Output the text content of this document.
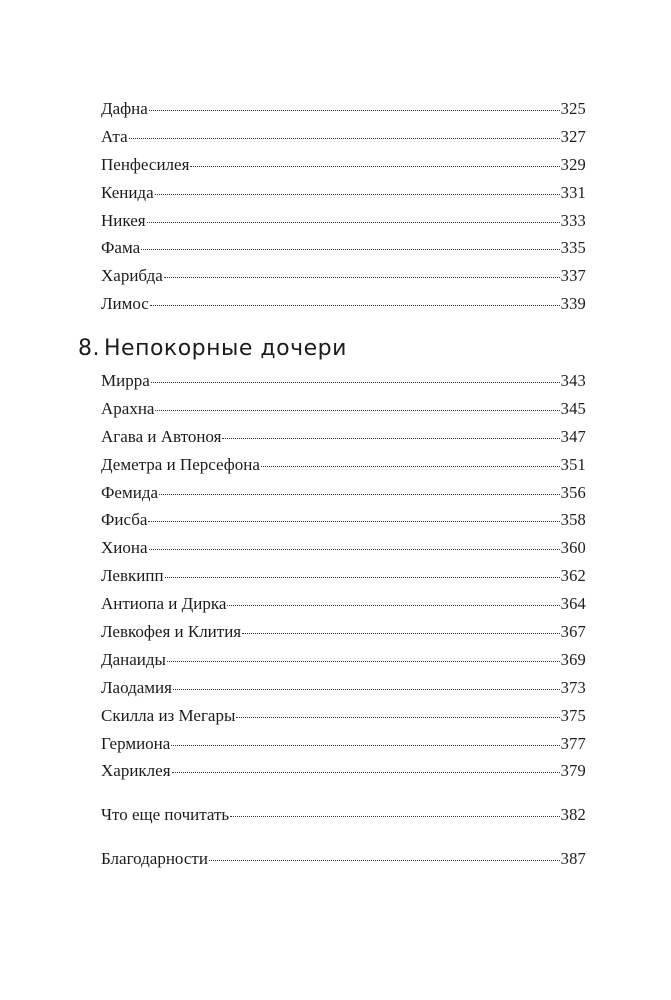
Дафна	325
Ата	327
Пенфесилея	329
Кенида	331
Никея	333
Фама	335
Харибда	337
Лимос	339
8. Непокорные дочери
Мирра	343
Арахна	345
Агава и Автоноя	347
Деметра и Персефона	351
Фемида	356
Фисба	358
Хиона	360
Левкипп	362
Антиопа и Дирка	364
Левкофея и Клития	367
Данаиды	369
Лаодамия	373
Скилла из Мегары	375
Гермиона	377
Хариклея	379
Что еще почитать	382
Благодарности	387
